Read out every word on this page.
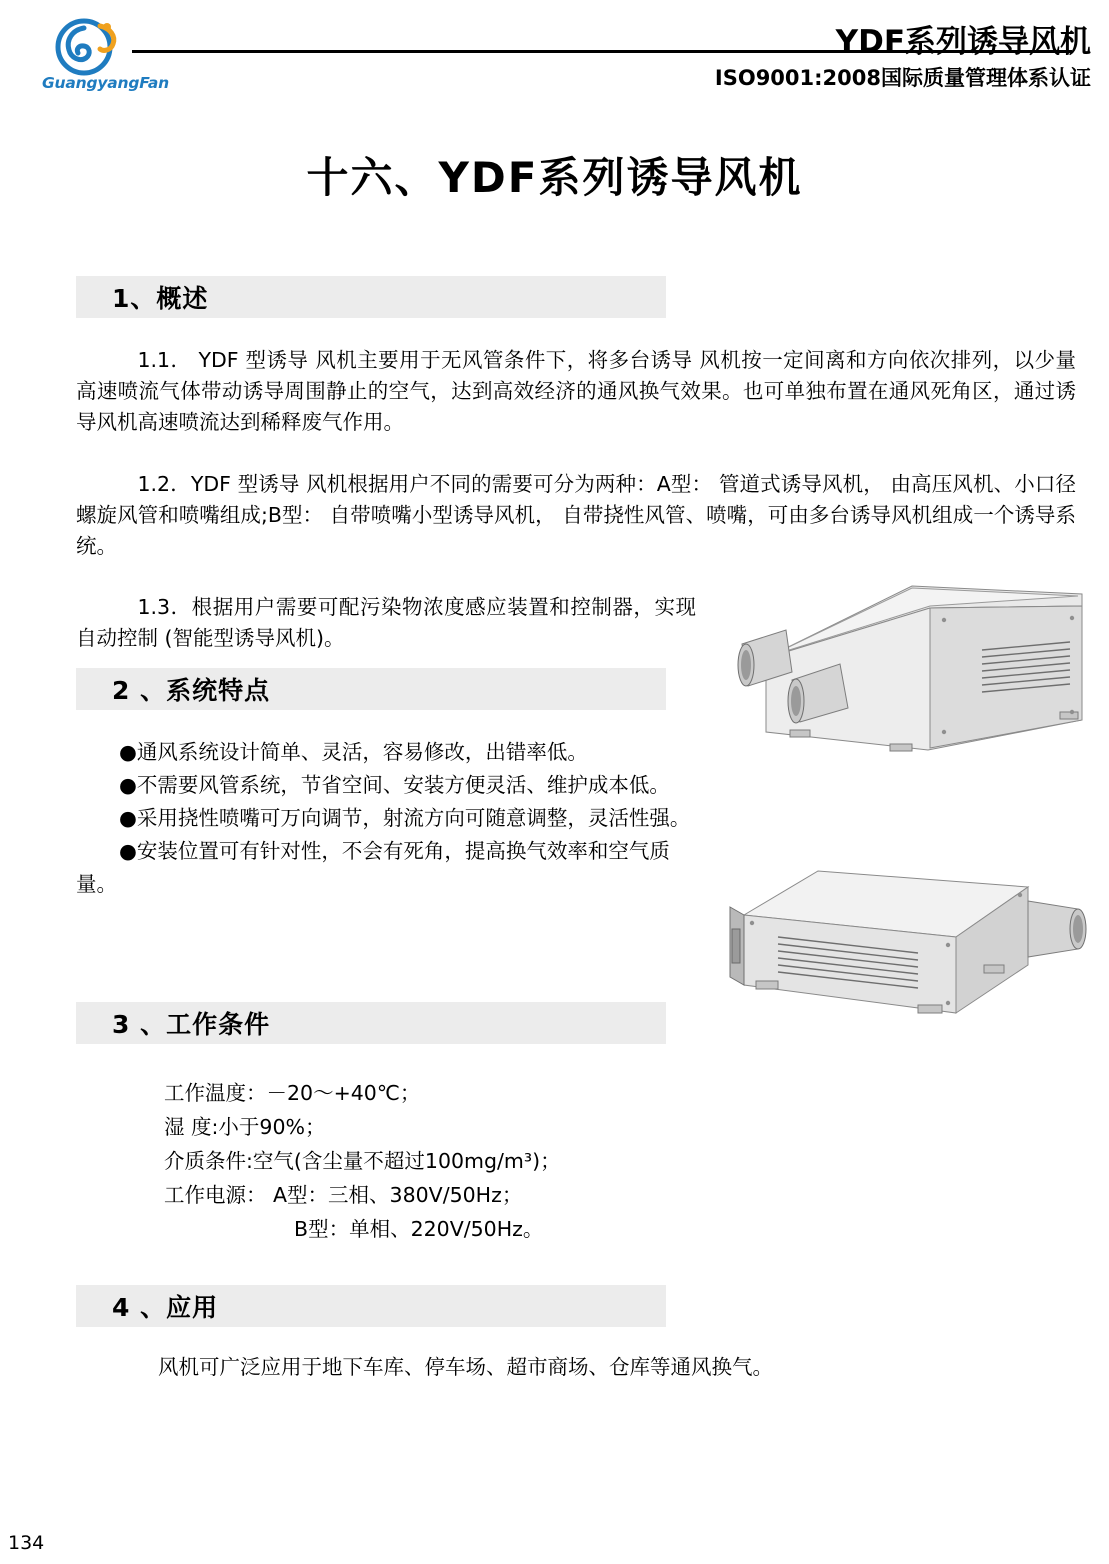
GuangyangFan
YDF系列诱导风机
ISO9001:2008国际质量管理体系认证
十六、YDF系列诱导风机
1、概述
1.1． YDF 型诱导 风机主要用于无风管条件下，将多台诱导 风机按一定间离和方向依次排列，以少量高速喷流气体带动诱导周围静止的空气，达到高效经济的通风换气效果。也可单独布置在通风死角区，通过诱导风机高速喷流达到稀释废气作用。
1.2．YDF 型诱导 风机根据用户不同的需要可分为两种：A型： 管道式诱导风机， 由高压风机、小口径螺旋风管和喷嘴组成;B型： 自带喷嘴小型诱导风机， 自带挠性风管、喷嘴，可由多台诱导风机组成一个诱导系统。
1.3．根据用户需要可配污染物浓度感应装置和控制器，实现自动控制 (智能型诱导风机)。
2 、系统特点
●通风系统设计简单、灵活，容易修改，出错率低。
●不需要风管系统，节省空间、安装方便灵活、维护成本低。
●采用挠性喷嘴可万向调节，射流方向可随意调整，灵活性强。
●安装位置可有针对性，不会有死角，提高换气效率和空气质量。
3 、工作条件
工作温度：－20～+40℃；
湿 度:小于90%；
介质条件:空气(含尘量不超过100mg/m³)；
工作电源： A型：三相、380V/50Hz；
B型：单相、220V/50Hz。
4 、应用
风机可广泛应用于地下车库、停车场、超市商场、仓库等通风换气。
134
